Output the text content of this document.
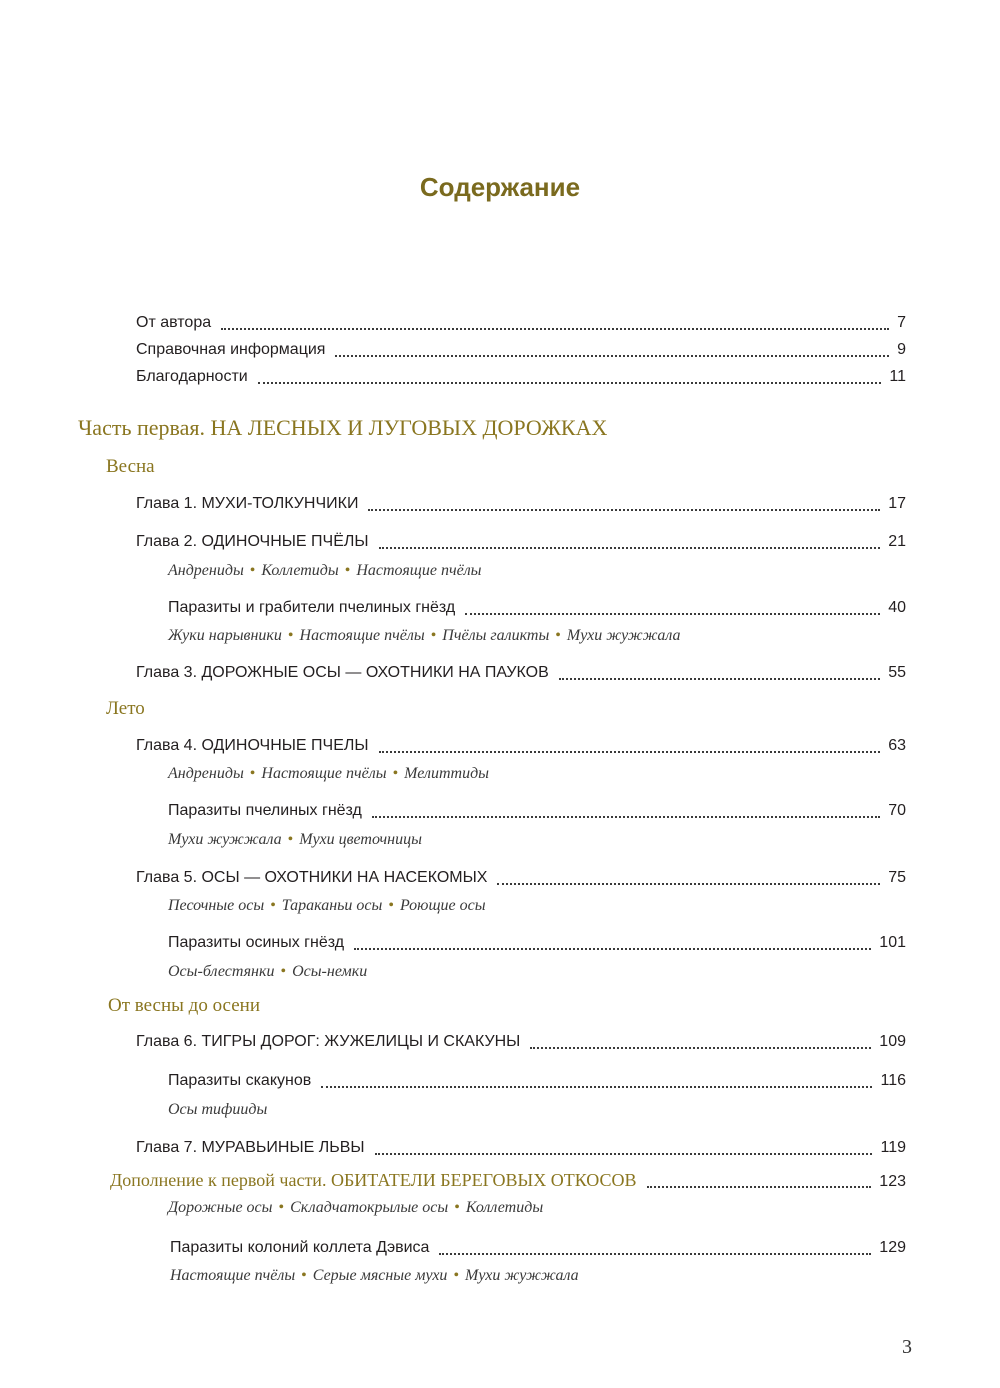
Содержание
От автора	7
Справочная информация	9
Благодарности	11
Часть первая. НА ЛЕСНЫХ И ЛУГОВЫХ ДОРОЖКАХ
Весна
Глава 1. МУХИ-ТОЛКУНЧИКИ	17
Глава 2. ОДИНОЧНЫЕ ПЧЁЛЫ	21
Андрениды • Коллетиды • Настоящие пчёлы
Паразиты и грабители пчелиных гнёзд	40
Жуки нарывники • Настоящие пчёлы • Пчёлы галикты • Мухи жужжала
Глава 3. ДОРОЖНЫЕ ОСЫ — ОХОТНИКИ НА ПАУКОВ	55
Лето
Глава 4. ОДИНОЧНЫЕ ПЧЕЛЫ	63
Андрениды • Настоящие пчёлы • Мелиттиды
Паразиты пчелиных гнёзд	70
Мухи жужжала • Мухи цветочницы
Глава 5. ОСЫ — ОХОТНИКИ НА НАСЕКОМЫХ	75
Песочные осы • Тараканьи осы • Роющие осы
Паразиты осиных гнёзд	101
Осы-блестянки • Осы-немки
От весны до осени
Глава 6. ТИГРЫ ДОРОГ: ЖУЖЕЛИЦЫ И СКАКУНЫ	109
Паразиты скакунов	116
Осы тифииды
Глава 7. МУРАВЬИНЫЕ ЛЬВЫ	119
Дополнение к первой части. ОБИТАТЕЛИ БЕРЕГОВЫХ ОТКОСОВ	123
Дорожные осы • Складчатокрылые осы • Коллетиды
Паразиты колоний коллета Дэвиса	129
Настоящие пчёлы • Серые мясные мухи • Мухи жужжала
3
